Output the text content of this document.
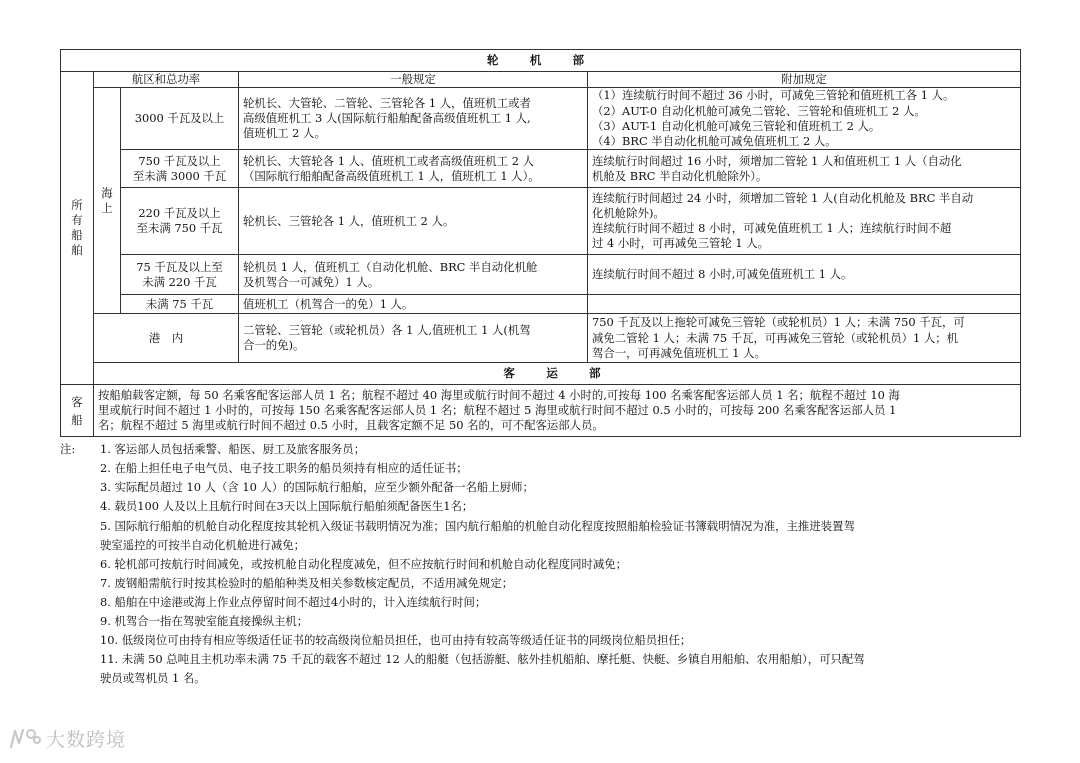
轮　机　部				
所 有 船 舶	航区和总功率		一般规定	附加规定
	海 上	3000 千瓦及以上	轮机长、大管轮、二管轮、三管轮各 1 人，值班机工或者
高级值班机工 3 人(国际航行船舶配备高级值班机工 1 人,
值班机工 2 人。	（1）连续航行时间不超过 36 小时，可减免三管轮和值班机工各 1 人。
（2）AUT-0 自动化机舱可减免二管轮、三管轮和值班机工 2 人。
（3）AUT-1 自动化机舱可减免三管轮和值班机工 2 人。
（4）BRC 半自动化机舱可减免值班机工 2 人。

		750 千瓦及以上
至未满 3000 千瓦	轮机长、大管轮各 1 人、值班机工或者高级值班机工 2 人
（国际航行船舶配备高级值班机工 1 人，值班机工 1 人）。	连续航行时间超过 16 小时，须增加二管轮 1 人和值班机工 1 人（自动化
机舱及 BRC 半自动化机舱除外）。

		220 千瓦及以上
至未满 750 千瓦	轮机长、三管轮各 1 人，值班机工 2 人。	连续航行时间超过 24 小时，须增加二管轮 1 人(自动化机舱及 BRC 半自动
化机舱除外)。
连续航行时间不超过 8 小时，可减免值班机工 1 人；连续航行时间不超
过 4 小时，可再减免三管轮 1 人。

		75 千瓦及以上至
未满 220 千瓦	轮机员 1 人，值班机工（自动化机舱、BRC 半自动化机舱
及机驾合一可减免）1 人。	连续航行时间不超过 8 小时,可减免值班机工 1 人。

		未满 75 千瓦	值班机工（机驾合一的免）1 人。	

	港　内		二管轮、三管轮（或轮机员）各 1 人,值班机工 1 人(机驾
合一的免)。	750 千瓦及以上拖轮可减免三管轮（或轮机员）1 人；未满 750 千瓦，可
减免二管轮 1 人；未满 75 千瓦，可再减免三管轮（或轮机员）1 人；机
驾合一，可再减免值班机工 1 人。

	客　运　部			
客 船	按船舶载客定额，每 50 名乘客配客运部人员 1 名；航程不超过 40 海里或航行时间不超过 4 小时的,可按每 100 名乘客配客运部人员 1 名；航程不超过 10 海
里或航行时间不超过 1 小时的，可按每 150 名乘客配客运部人员 1 名；航程不超过 5 海里或航行时间不超过 0.5 小时的，可按每 200 名乘客配客运部人员 1
名；航程不超过 5 海里或航行时间不超过 0.5 小时，且载客定额不足 50 名的，可不配客运部人员。			
注:	1. 客运部人员包括乘警、船医、厨工及旅客服务员；
2. 在船上担任电子电气员、电子技工职务的船员须持有相应的适任证书；
3. 实际配员超过 10 人（含 10 人）的国际航行船舶，应至少额外配备一名船上厨师；
4. 载员100 人及以上且航行时间在3天以上国际航行船舶须配备医生1名；
5. 国际航行船舶的机舱自动化程度按其轮机入级证书载明情况为准；国内航行船舶的机舱自动化程度按照船舶检验证书簿载明情况为准，主推进装置驾
驶室遥控的可按半自动化机舱进行减免；
6. 轮机部可按航行时间减免，或按机舱自动化程度减免，但不应按航行时间和机舱自动化程度同时减免；
7. 废钢船需航行时按其检验时的船舶种类及相关参数核定配员，不适用减免规定；
8. 船舶在中途港或海上作业点停留时间不超过4小时的，计入连续航行时间；
9. 机驾合一指在驾驶室能直接操纵主机；
10. 低级岗位可由持有相应等级适任证书的较高级岗位船员担任，也可由持有较高等级适任证书的同级岗位船员担任；
11. 未满 50 总吨且主机功率未满 75 千瓦的载客不超过 12 人的船艇（包括游艇、舷外挂机船舶、摩托艇、快艇、乡镇自用船舶、农用船舶），可只配驾
驶员或驾机员 1 名。
大数跨境
